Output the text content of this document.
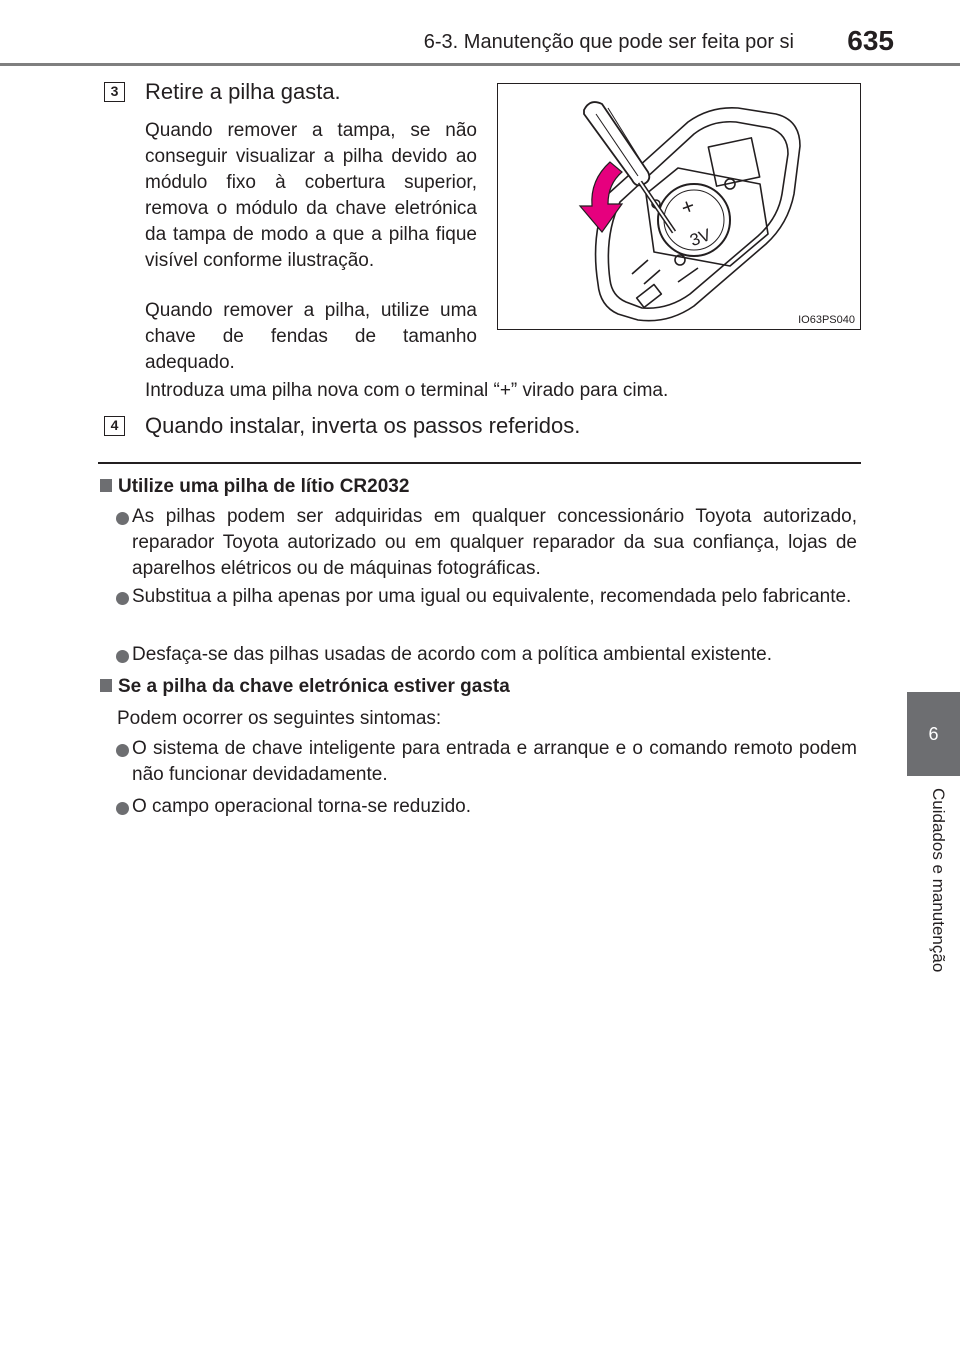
6-3. Manutenção que pode ser feita por si	635
6
Cuidados e manutenção
3	Retire a pilha gasta.
Quando remover a tampa, se não conseguir visualizar a pilha devido ao módulo fixo à cobertura superior, remova o módulo da chave eletrónica da tampa de modo a que a pilha fique visível conforme ilustração.
Quando remover a pilha, utilize uma chave de fendas de tamanho adequado.
Introduza uma pilha nova com o terminal “+” virado para cima.
+
3V
IO63PS040
4	Quando instalar, inverta os passos referidos.
Utilize uma pilha de lítio CR2032
As pilhas podem ser adquiridas em qualquer concessionário Toyota autorizado, reparador Toyota autorizado ou em qualquer reparador da sua confiança, lojas de aparelhos elétricos ou de máquinas fotográficas.
Substitua a pilha apenas por uma igual ou equivalente, recomendada pelo fabricante.
Desfaça-se das pilhas usadas de acordo com a política ambiental existente.
Se a pilha da chave eletrónica estiver gasta
Podem ocorrer os seguintes sintomas:
O sistema de chave inteligente para entrada e arranque e o comando remoto podem não funcionar devidadamente.
O campo operacional torna-se reduzido.
